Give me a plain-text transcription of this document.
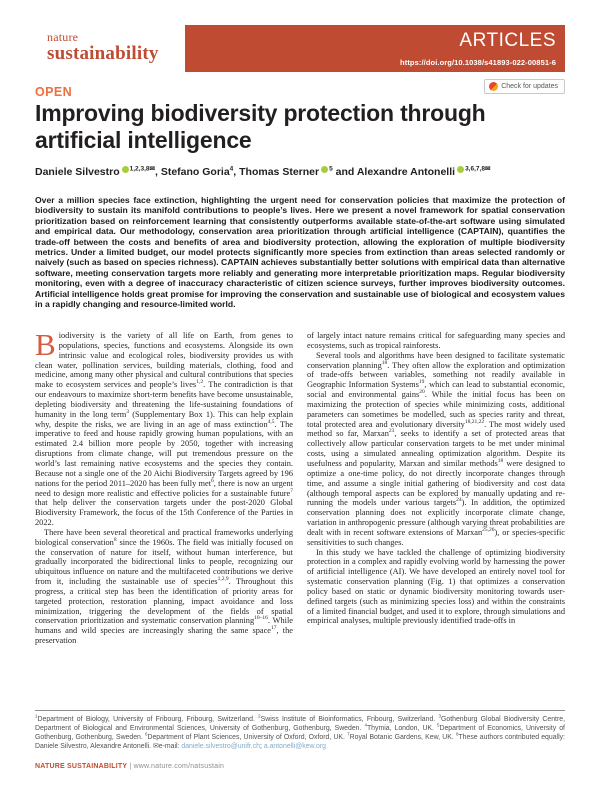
nature
sustainability
ARTICLES
https://doi.org/10.1038/s41893-022-00851-6
Check for updates
OPEN
Improving biodiversity protection through artificial intelligence
Daniele Silvestro $^{1,2,3,8✉}$, Stefano Goria$^4$, Thomas Sterner $^5$ and Alexandre Antonelli $^{3,6,7,8✉}$

Over a million species face extinction, highlighting the urgent need for conservation policies that maximize the protection of biodiversity to sustain its manifold contributions to people’s lives. Here we present a novel framework for spatial conservation prioritization based on reinforcement learning that consistently outperforms available state-of-the-art software using simulated and empirical data. Our methodology, conservation area prioritization through artificial intelligence (CAPTAIN), quantifies the trade-off between the costs and benefits of area and biodiversity protection, allowing the exploration of multiple biodiversity metrics. Under a limited budget, our model protects significantly more species from extinction than areas selected randomly or naively (such as based on species richness). CAPTAIN achieves substantially better solutions with empirical data than alternative software, meeting conservation targets more reliably and generating more interpretable prioritization maps. Regular biodiversity monitoring, even with a degree of inaccuracy characteristic of citizen science surveys, further improves biodiversity outcomes. Artificial intelligence holds great promise for improving the conservation and sustainable use of biological and ecosystem values in a rapidly changing and resource-limited world.

Biodiversity is the variety of all life on Earth, from genes to populations, species, functions and ecosystems. Alongside its own intrinsic value and ecological roles, biodiversity provides us with clean water, pollination services, building materials, clothing, food and medicine, among many other physical and cultural contributions that species make to ecosystem services and people’s lives$^{1,2}$. The contradiction is that our endeavours to maximize short-term benefits have become unsustainable, depleting biodiversity and threatening the life-sustaining foundations of humanity in the long term$^3$ (Supplementary Box 1). This can help explain why, despite the risks, we are living in an age of mass extinction$^{4,5}$. The imperative to feed and house rapidly growing human populations, with an estimated 2.4 billion more people by 2050, together with increasing disruptions from climate change, will put tremendous pressure on the world’s last remaining native ecosystems and the species they contain. Because not a single one of the 20 Aichi Biodiversity Targets agreed by 196 nations for the period 2011–2020 has been fully met$^6$, there is now an urgent need to design more realistic and effective policies for a sustainable future$^7$ that help deliver the conservation targets under the post-2020 Global Biodiversity Framework, the focus of the 15th Conference of the Parties in 2022.

There have been several theoretical and practical frameworks underlying biological conservation$^8$ since the 1960s. The field was initially focused on the conservation of nature for itself, without human interference, but gradually incorporated the bidirectional links to people, recognizing our ubiquitous influence on nature and the multifaceted contributions we derive from it, including the sustainable use of species$^{1,2,9}$. Throughout this progress, a critical step has been the identification of priority areas for targeted protection, restoration planning, impact avoidance and loss minimization, triggering the development of the fields of spatial conservation prioritization and systematic conservation planning$^{10-16}$. While humans and wild species are increasingly sharing the same space$^{17}$, the preservation

of largely intact nature remains critical for safeguarding many species and ecosystems, such as tropical rainforests.

Several tools and algorithms have been designed to facilitate systematic conservation planning$^{18}$. They often allow the exploration and optimization of trade-offs between variables, something not readily available in Geographic Information Systems$^{19}$, which can lead to substantial economic, social and environmental gains$^{20}$. While the initial focus has been on maximizing the protection of species while minimizing costs, additional parameters can sometimes be modelled, such as species rarity and threat, total protected area and evolutionary diversity$^{18,21,22}$. The most widely used method so far, Marxan$^{23}$, seeks to identify a set of protected areas that collectively allow particular conservation targets to be met under minimal costs, using a simulated annealing optimization algorithm. Despite its usefulness and popularity, Marxan and similar methods$^{18}$ were designed to optimize a one-time policy, do not directly incorporate changes through time, and assume a single initial gathering of biodiversity and cost data (although temporal aspects can be explored by manually updating and re-running the models under various targets$^{24}$). In addition, the optimized conservation planning does not explicitly incorporate climate change, variation in anthropogenic pressure (although varying threat probabilities are dealt with in recent software extensions of Marxan$^{25,26}$), or species-specific sensitivities to such changes.

In this study we have tackled the challenge of optimizing biodiversity protection in a complex and rapidly evolving world by harnessing the power of artificial intelligence (AI). We have developed an entirely novel tool for systematic conservation planning (Fig. 1) that optimizes a conservation policy based on static or dynamic biodiversity monitoring towards user-defined targets (such as minimizing species loss) and within the constraints of a limited financial budget, and used it to explore, through simulations and empirical analyses, multiple previously identified trade-offs in

$^1$Department of Biology, University of Fribourg, Fribourg, Switzerland. $^2$Swiss Institute of Bioinformatics, Fribourg, Switzerland. $^3$Gothenburg Global Biodiversity Centre, Department of Biological and Environmental Sciences, University of Gothenburg, Gothenburg, Sweden. $^4$Thymia, London, UK. $^5$Department of Economics, University of Gothenburg, Gothenburg, Sweden. $^6$Department of Plant Sciences, University of Oxford, Oxford, UK. $^7$Royal Botanic Gardens, Kew, UK. $^8$These authors contributed equally: Daniele Silvestro, Alexandre Antonelli. ✉e-mail: daniele.silvestro@unifr.ch; a.antonelli@kew.org

NATURE SUSTAINABILITY | www.nature.com/natsustain
